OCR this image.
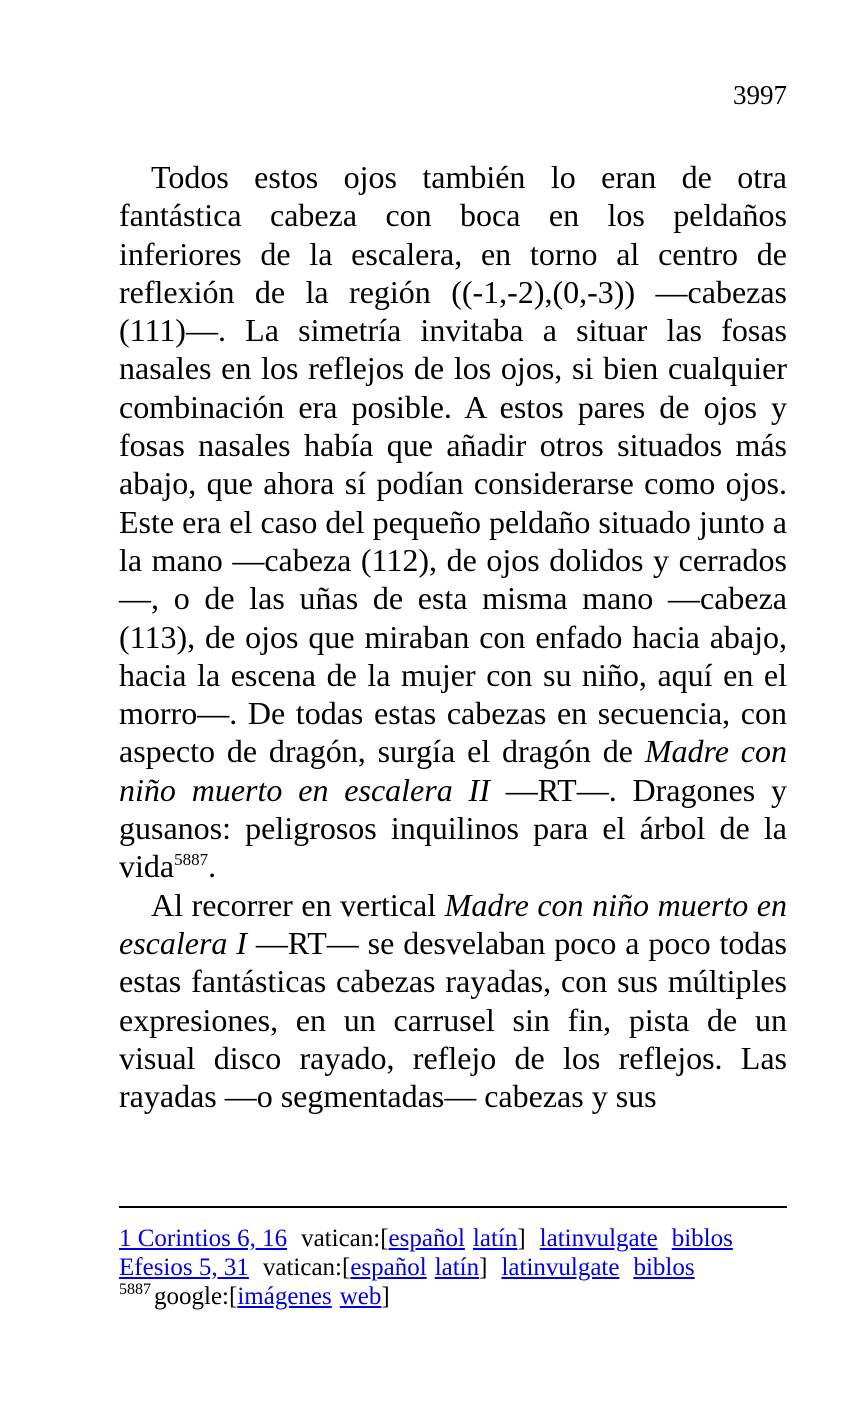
3997

Todos estos ojos también lo eran de otra fantástica cabeza con boca en los peldaños inferiores de la escalera, en torno al centro de reflexión de la región ((-1,-2),(0,-3)) —cabezas (111)—. La simetría invitaba a situar las fosas nasales en los reflejos de los ojos, si bien cualquier combinación era posible. A estos pares de ojos y fosas nasales había que añadir otros situados más abajo, que ahora sí podían considerarse como ojos. Este era el caso del pequeño peldaño situado junto a la mano —cabeza (112), de ojos dolidos y cerrados—, o de las uñas de esta misma mano —cabeza (113), de ojos que miraban con enfado hacia abajo, hacia la escena de la mujer con su niño, aquí en el morro—. De todas estas cabezas en secuencia, con aspecto de dragón, surgía el dragón de Madre con niño muerto en escalera II —RT—. Dragones y gusanos: peligrosos inquilinos para el árbol de la vida$^{5887}$.

Al recorrer en vertical Madre con niño muerto en escalera I —RT— se desvelaban poco a poco todas estas fantásticas cabezas rayadas, con sus múltiples expresiones, en un carrusel sin fin, pista de un visual disco rayado, reflejo de los reflejos. Las rayadas —o segmentadas— cabezas y sus

1 Corintios 6, 16 vatican:[español latín] latinvulgate biblos
Efesios 5, 31 vatican:[español latín] latinvulgate biblos
$^{5887}$ google:[imágenes web]
